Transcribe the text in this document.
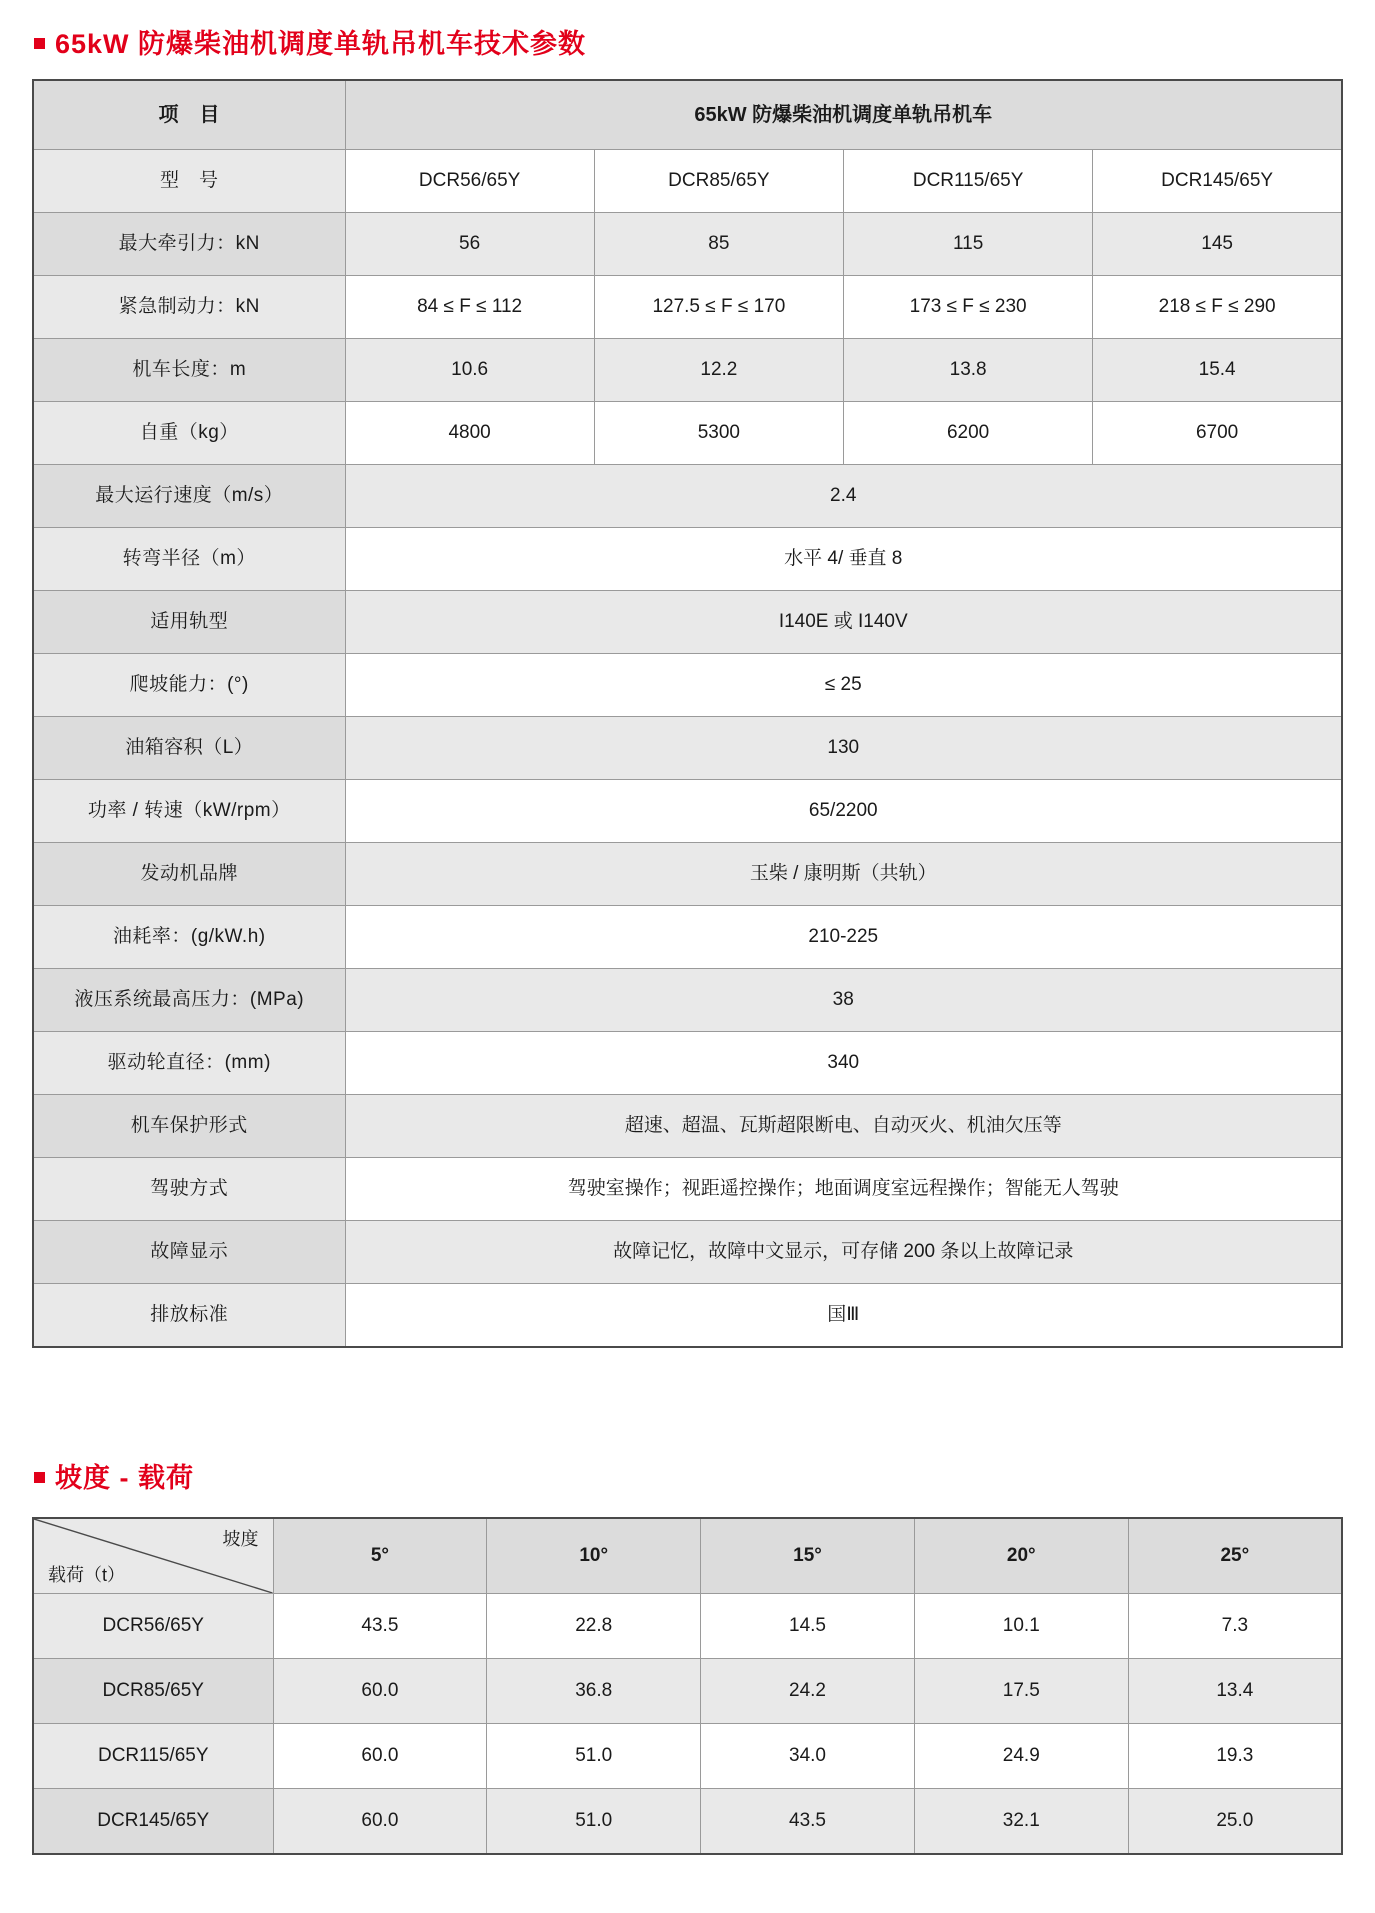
65kW 防爆柴油机调度单轨吊机车技术参数
项　目	65kW 防爆柴油机调度单轨吊机车			
型　号	DCR56/65Y	DCR85/65Y	DCR115/65Y	DCR145/65Y
最大牵引力：kN	56	85	115	145
紧急制动力：kN	84 ≤ F ≤ 112	127.5 ≤ F ≤ 170	173 ≤ F ≤ 230	218 ≤ F ≤ 290
机车长度：m	10.6	12.2	13.8	15.4
自重（kg）	4800	5300	6200	6700
最大运行速度（m/s）	2.4			
转弯半径（m）	水平 4/ 垂直 8			
适用轨型	I140E 或 I140V			
爬坡能力：(°)	≤ 25			
油箱容积（L）	130			
功率 / 转速（kW/rpm）	65/2200			
发动机品牌	玉柴 / 康明斯（共轨）			
油耗率：(g/kW.h)	210-225			
液压系统最高压力：(MPa)	38			
驱动轮直径：(mm)	340			
机车保护形式	超速、超温、瓦斯超限断电、自动灭火、机油欠压等			
驾驶方式	驾驶室操作；视距遥控操作；地面调度室远程操作；智能无人驾驶			
故障显示	故障记忆，故障中文显示，可存储 200 条以上故障记录			
排放标准	国Ⅲ			
坡度 - 载荷
坡度
载荷（t）	5°	10°	15°	20°	25°
DCR56/65Y	43.5	22.8	14.5	10.1	7.3
DCR85/65Y	60.0	36.8	24.2	17.5	13.4
DCR115/65Y	60.0	51.0	34.0	24.9	19.3
DCR145/65Y	60.0	51.0	43.5	32.1	25.0
